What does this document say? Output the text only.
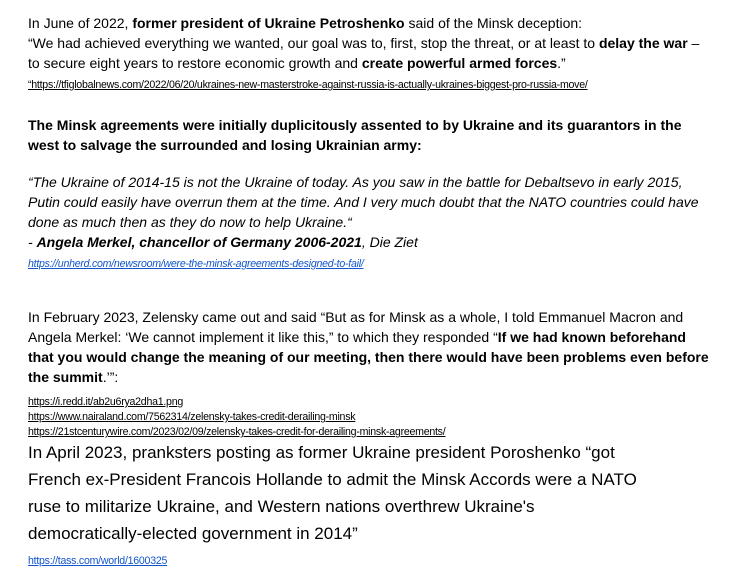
In June of 2022, former president of Ukraine Petroshenko said of the Minsk deception:
“We had achieved everything we wanted, our goal was to, first, stop the threat, or at least to delay the war – to secure eight years to restore economic growth and create powerful armed forces.”

“https://tfiglobalnews.com/2022/06/20/ukraines-new-masterstroke-against-russia-is-actually-ukraines-biggest-pro-russia-move/

The Minsk agreements were initially duplicitously assented to by Ukraine and its guarantors in the west to salvage the surrounded and losing Ukrainian army:

“The Ukraine of 2014-15 is not the Ukraine of today. As you saw in the battle for Debaltsevo in early 2015, Putin could easily have overrun them at the time. And I very much doubt that the NATO countries could have done as much then as they do now to help Ukraine.“
- Angela Merkel, chancellor of Germany 2006-2021, Die Ziet

https://unherd.com/newsroom/were-the-minsk-agreements-designed-to-fail/

In February 2023, Zelensky came out and said “But as for Minsk as a whole, I told Emmanuel Macron and Angela Merkel: ‘We cannot implement it like this,” to which they responded “If we had known beforehand that you would change the meaning of our meeting, then there would have been problems even before the summit.’”:

https://i.redd.it/ab2u6rya2dha1.png
https://www.nairaland.com/7562314/zelensky-takes-credit-derailing-minsk
https://21stcenturywire.com/2023/02/09/zelensky-takes-credit-for-derailing-minsk-agreements/
In April 2023, pranksters posting as former Ukraine president Poroshenko “got
French ex-President Francois Hollande to admit the Minsk Accords were a NATO
ruse to militarize Ukraine, and Western nations overthrew Ukraine's
democratically-elected government in 2014”
https://tass.com/world/1600325
